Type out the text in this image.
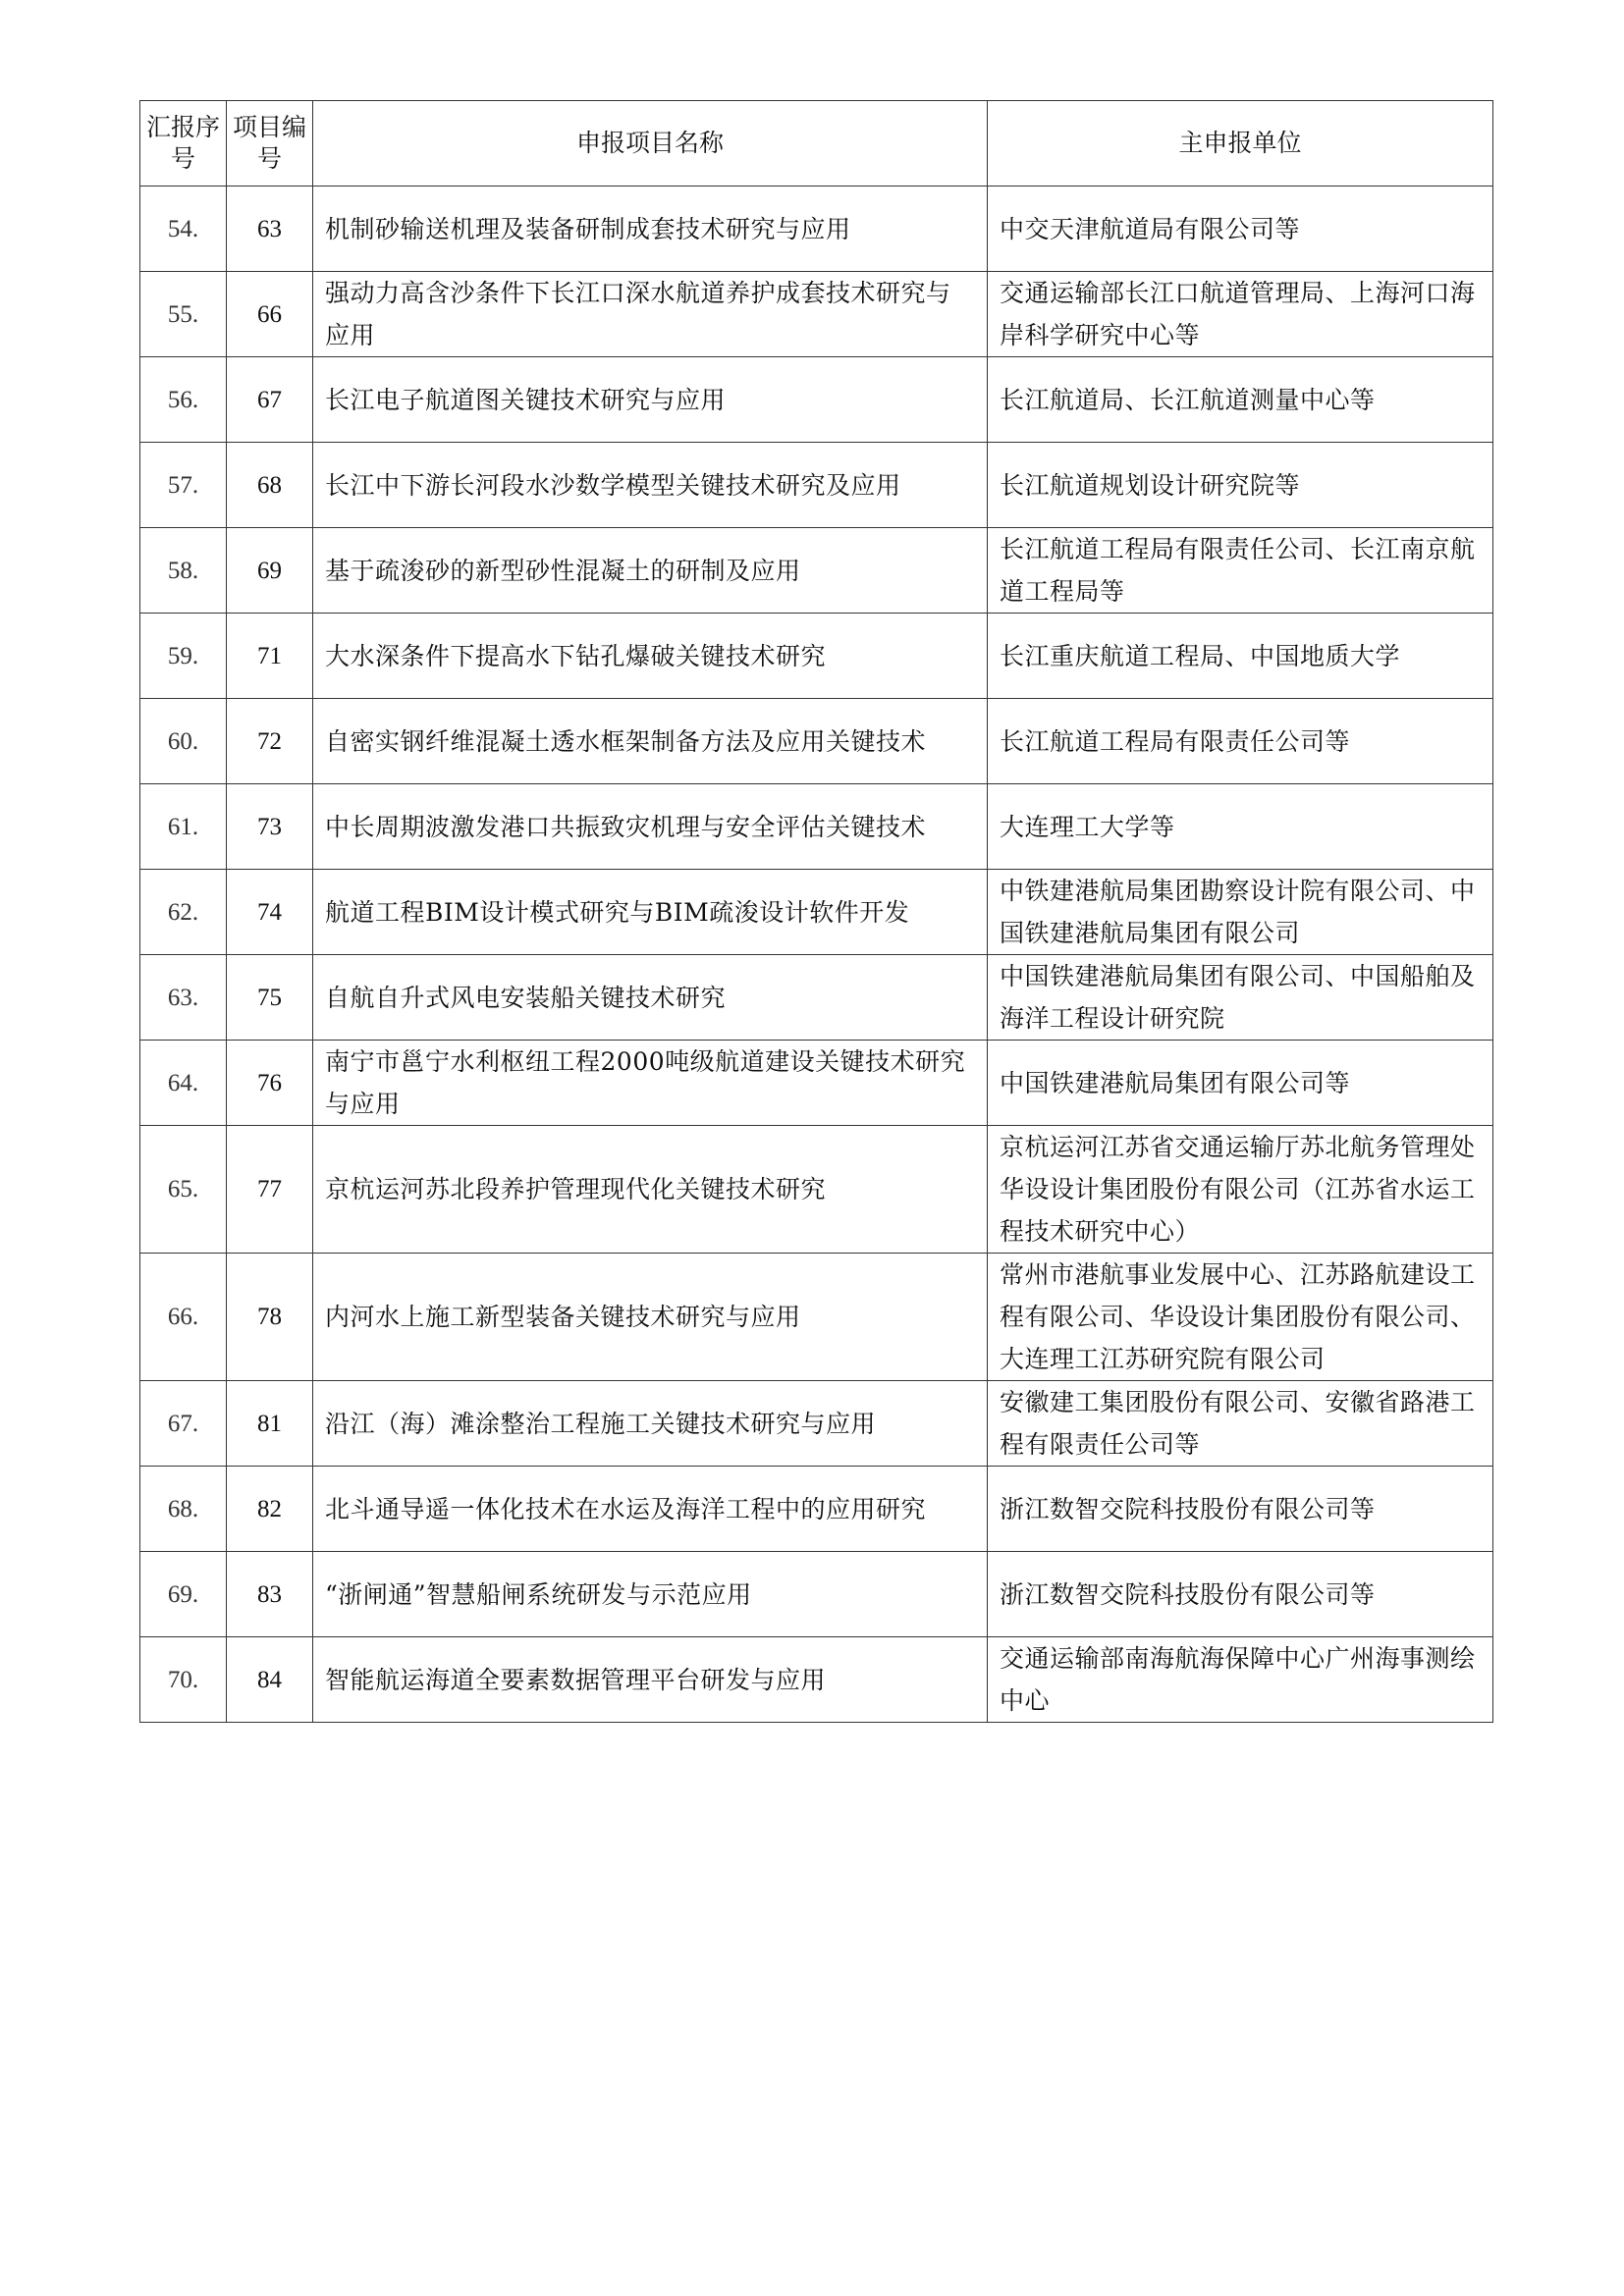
汇报序号	项目编号	申报项目名称	主申报单位
54.	63	机制砂输送机理及装备研制成套技术研究与应用	中交天津航道局有限公司等
55.	66	强动力高含沙条件下长江口深水航道养护成套技术研究与应用	交通运输部长江口航道管理局、上海河口海岸科学研究中心等
56.	67	长江电子航道图关键技术研究与应用	长江航道局、长江航道测量中心等
57.	68	长江中下游长河段水沙数学模型关键技术研究及应用	长江航道规划设计研究院等
58.	69	基于疏浚砂的新型砂性混凝土的研制及应用	长江航道工程局有限责任公司、长江南京航道工程局等
59.	71	大水深条件下提高水下钻孔爆破关键技术研究	长江重庆航道工程局、中国地质大学
60.	72	自密实钢纤维混凝土透水框架制备方法及应用关键技术	长江航道工程局有限责任公司等
61.	73	中长周期波激发港口共振致灾机理与安全评估关键技术	大连理工大学等
62.	74	航道工程BIM设计模式研究与BIM疏浚设计软件开发	中铁建港航局集团勘察设计院有限公司、中国铁建港航局集团有限公司
63.	75	自航自升式风电安装船关键技术研究	中国铁建港航局集团有限公司、中国船舶及海洋工程设计研究院
64.	76	南宁市邕宁水利枢纽工程2000吨级航道建设关键技术研究与应用	中国铁建港航局集团有限公司等
65.	77	京杭运河苏北段养护管理现代化关键技术研究	京杭运河江苏省交通运输厅苏北航务管理处 华设设计集团股份有限公司（江苏省水运工程技术研究中心）
66.	78	内河水上施工新型装备关键技术研究与应用	常州市港航事业发展中心、江苏路航建设工程有限公司、华设设计集团股份有限公司、大连理工江苏研究院有限公司
67.	81	沿江（海）滩涂整治工程施工关键技术研究与应用	安徽建工集团股份有限公司、安徽省路港工程有限责任公司等
68.	82	北斗通导遥一体化技术在水运及海洋工程中的应用研究	浙江数智交院科技股份有限公司等
69.	83	“浙闸通”智慧船闸系统研发与示范应用	浙江数智交院科技股份有限公司等
70.	84	智能航运海道全要素数据管理平台研发与应用	交通运输部南海航海保障中心广州海事测绘中心
